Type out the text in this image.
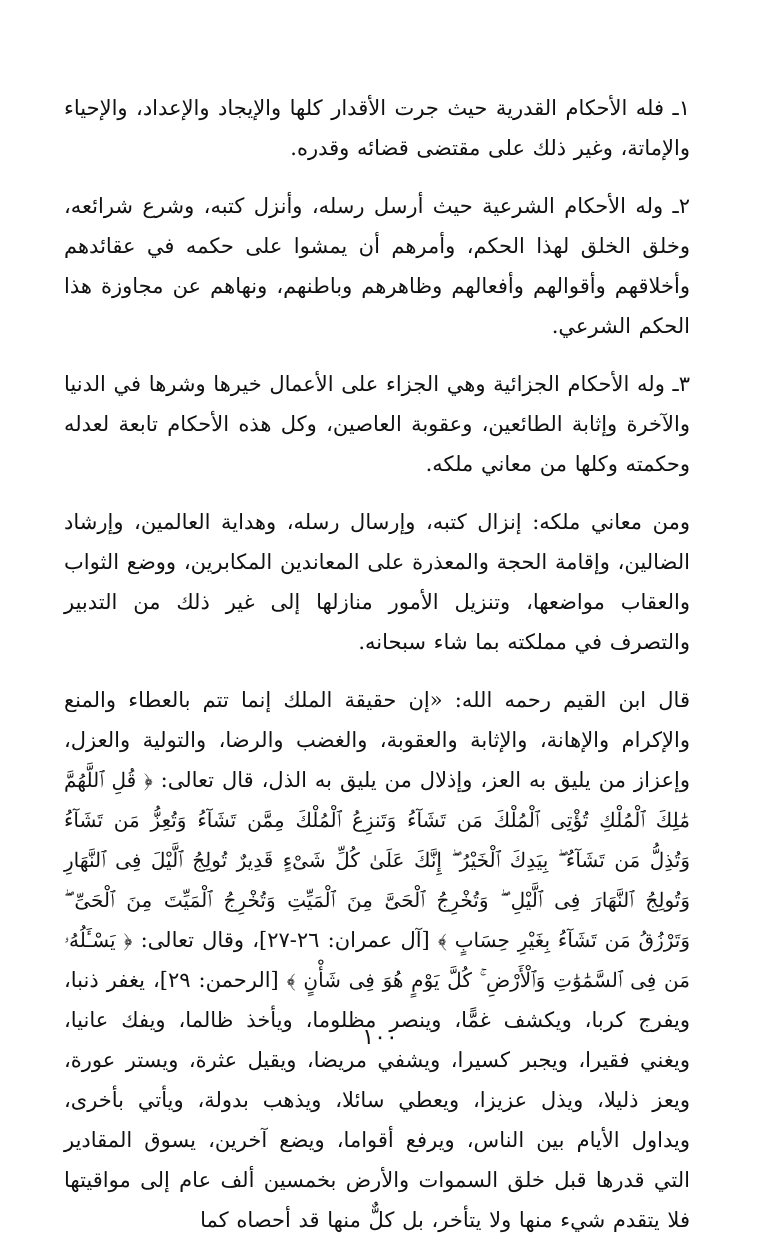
١ـ فله الأحكام القدرية حيث جرت الأقدار كلها والإيجاد والإعداد، والإحياء والإماتة، وغير ذلك على مقتضى قضائه وقدره.

٢ـ وله الأحكام الشرعية حيث أرسل رسله، وأنزل كتبه، وشرع شرائعه، وخلق الخلق لهذا الحكم، وأمرهم أن يمشوا على حكمه في عقائدهم وأخلاقهم وأقوالهم وأفعالهم وظاهرهم وباطنهم، ونهاهم عن مجاوزة هذا الحكم الشرعي.

٣ـ وله الأحكام الجزائية وهي الجزاء على الأعمال خيرها وشرها في الدنيا والآخرة وإثابة الطائعين، وعقوبة العاصين، وكل هذه الأحكام تابعة لعدله وحكمته وكلها من معاني ملكه.

ومن معاني ملكه: إنزال كتبه، وإرسال رسله، وهداية العالمين، وإرشاد الضالين، وإقامة الحجة والمعذرة على المعاندين المكابرين، ووضع الثواب والعقاب مواضعها، وتنزيل الأمور منازلها إلى غير ذلك من التدبير والتصرف في مملكته بما شاء سبحانه.

قال ابن القيم رحمه الله: «إن حقيقة الملك إنما تتم بالعطاء والمنع والإكرام والإهانة، والإثابة والعقوبة، والغضب والرضا، والتولية والعزل، وإعزاز من يليق به العز، وإذلال من يليق به الذل، قال تعالى: ﴿ قُلِ ٱللَّهُمَّ مَٰلِكَ ٱلْمُلْكِ تُؤْتِى ٱلْمُلْكَ مَن تَشَآءُ وَتَنزِعُ ٱلْمُلْكَ مِمَّن تَشَآءُ وَتُعِزُّ مَن تَشَآءُ وَتُذِلُّ مَن تَشَآءُ ۖ بِيَدِكَ ٱلْخَيْرُ ۖ إِنَّكَ عَلَىٰ كُلِّ شَىْءٍ قَدِيرٌ تُولِجُ ٱلَّيْلَ فِى ٱلنَّهَارِ وَتُولِجُ ٱلنَّهَارَ فِى ٱلَّيْلِ ۖ وَتُخْرِجُ ٱلْحَىَّ مِنَ ٱلْمَيِّتِ وَتُخْرِجُ ٱلْمَيِّتَ مِنَ ٱلْحَىِّ ۖ وَتَرْزُقُ مَن تَشَآءُ بِغَيْرِ حِسَابٍ ﴾ [آل عمران: ٢٦-٢٧]، وقال تعالى: ﴿ يَسْـَٔلُهُۥ مَن فِى ٱلسَّمَٰوَٰتِ وَٱلْأَرْضِ ۚ كُلَّ يَوْمٍ هُوَ فِى شَأْنٍ ﴾ [الرحمن: ٢٩]، يغفر ذنبا، ويفرج كربا، ويكشف غمًّا، وينصر مظلوما، ويأخذ ظالما، ويفك عانيا، ويغني فقيرا، ويجبر كسيرا، ويشفي مريضا، ويقيل عثرة، ويستر عورة، ويعز ذليلا، ويذل عزيزا، ويعطي سائلا، ويذهب بدولة، ويأتي بأخرى، ويداول الأيام بين الناس، ويرفع أقواما، ويضع آخرين، يسوق المقادير التي قدرها قبل خلق السموات والأرض بخمسين ألف عام إلى مواقيتها فلا يتقدم شيء منها ولا يتأخر، بل كلٌّ منها قد أحصاه كما

١٠٠
